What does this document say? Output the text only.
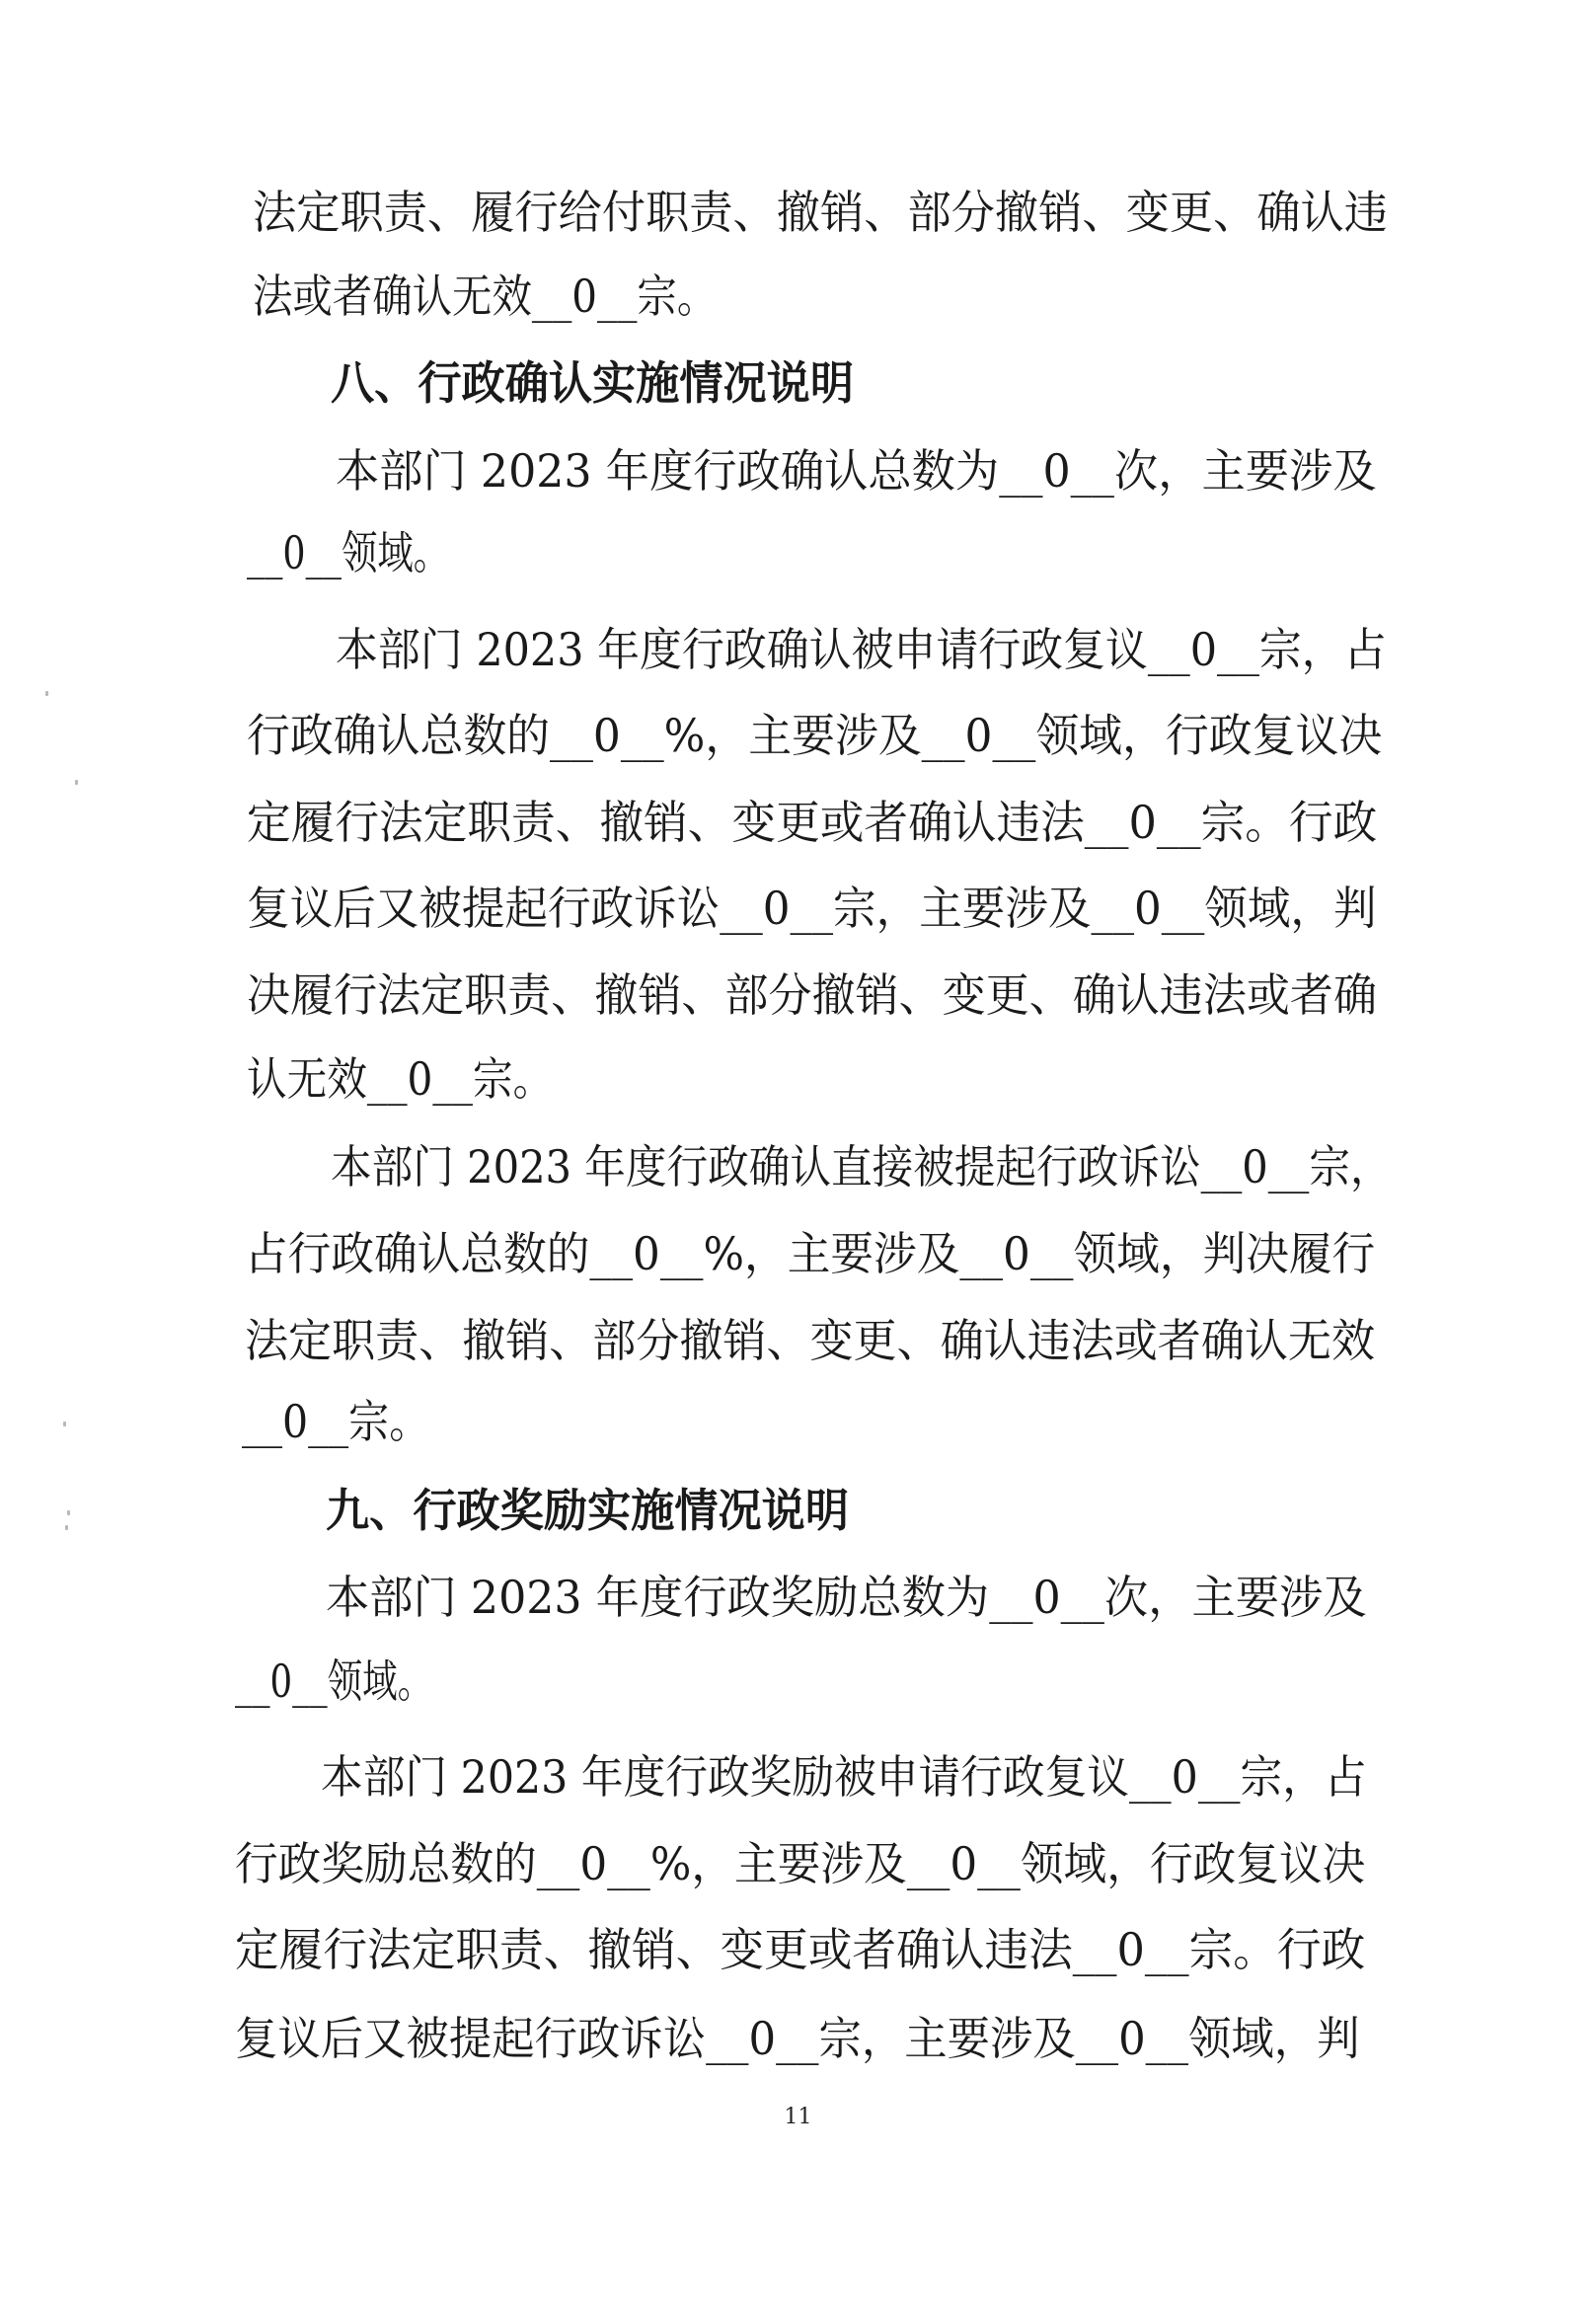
法定职责、履行给付职责、撤销、部分撤销、变更、确认违
法或者确认无效__0__宗。
八、行政确认实施情况说明
本部门 2023 年度行政确认总数为__0__次，主要涉及
__0__领域。
本部门 2023 年度行政确认被申请行政复议__0__宗，占
行政确认总数的__0__%，主要涉及__0__领域，行政复议决
定履行法定职责、撤销、变更或者确认违法__0__宗。行政
复议后又被提起行政诉讼__0__宗，主要涉及__0__领域，判
决履行法定职责、撤销、部分撤销、变更、确认违法或者确
认无效__0__宗。
本部门 2023 年度行政确认直接被提起行政诉讼__0__宗，
占行政确认总数的__0__%，主要涉及__0__领域，判决履行
法定职责、撤销、部分撤销、变更、确认违法或者确认无效
__0__宗。
九、行政奖励实施情况说明
本部门 2023 年度行政奖励总数为__0__次，主要涉及
__0__领域。
本部门 2023 年度行政奖励被申请行政复议__0__宗，占
行政奖励总数的__0__%，主要涉及__0__领域，行政复议决
定履行法定职责、撤销、变更或者确认违法__0__宗。行政
复议后又被提起行政诉讼__0__宗，主要涉及__0__领域，判
11
